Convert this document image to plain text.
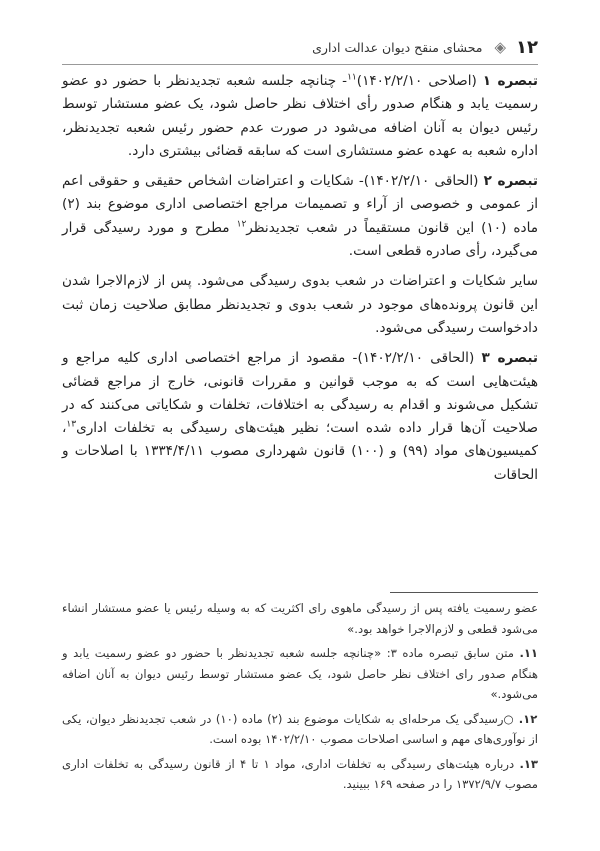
۱۲
◈
محشای منقح دیوان عدالت اداری

تبصره ۱ (اصلاحی ۱۴۰۲/۲/۱۰)$^{۱۱}$- چنانچه جلسه شعبه تجدیدنظر با حضور دو عضو رسمیت یابد و هنگام صدور رأی اختلاف نظر حاصل شود، یک عضو مستشار توسط رئیس دیوان به آنان اضافه می‌شود در صورت عدم حضور رئیس شعبه تجدیدنظر، اداره شعبه به عهده عضو مستشاری است که سابقه قضائی بیشتری دارد.

تبصره ۲ (الحاقی ۱۴۰۲/۲/۱۰)- شکایات و اعتراضات اشخاص حقیقی و حقوقی اعم از عمومی و خصوصی از آراء و تصمیمات مراجع اختصاصی اداری موضوع بند (۲) ماده (۱۰) این قانون مستقیماً در شعب تجدیدنظر$^{۱۲}$ مطرح و مورد رسیدگی قرار می‌گیرد، رأی صادره قطعی است.

سایر شکایات و اعتراضات در شعب بدوی رسیدگی می‌شود. پس از لازم‌الاجرا شدن این قانون پرونده‌های موجود در شعب بدوی و تجدیدنظر مطابق صلاحیت زمان ثبت دادخواست رسیدگی می‌شود.

تبصره ۳ (الحاقی ۱۴۰۲/۲/۱۰)- مقصود از مراجع اختصاصی اداری کلیه مراجع و هیئت‌هایی است که به موجب قوانین و مقررات قانونی، خارج از مراجع قضائی تشکیل می‌شوند و اقدام به رسیدگی به اختلافات، تخلفات و شکایاتی می‌کنند که در صلاحیت آن‌ها قرار داده شده است؛ نظیر هیئت‌های رسیدگی به تخلفات اداری$^{۱۳}$، کمیسیون‌های مواد (۹۹) و (۱۰۰) قانون شهرداری مصوب ۱۳۳۴/۴/۱۱ با اصلاحات و الحاقات

عضو رسمیت یافته پس از رسیدگی ماهوی رای اکثریت که به وسیله رئیس یا عضو مستشار انشاء می‌شود قطعی و لازم‌الاجرا خواهد بود.»

۱۱. متن سابق تبصره ماده ۳: «چنانچه جلسه شعبه تجدیدنظر با حضور دو عضو رسمیت یابد و هنگام صدور رای اختلاف نظر حاصل شود، یک عضو مستشار توسط رئیس دیوان به آنان اضافه می‌شود.»

۱۲. ○رسیدگی یک مرحله‌ای به شکایات موضوع بند (۲) ماده (۱۰) در شعب تجدیدنظر دیوان، یکی از نوآوری‌های مهم و اساسی اصلاحات مصوب ۱۴۰۲/۲/۱۰ بوده است.

۱۳. درباره هیئت‌های رسیدگی به تخلفات اداری، مواد ۱ تا ۴ از قانون رسیدگی به تخلفات اداری مصوب ۱۳۷۲/۹/۷ را در صفحه ۱۶۹ ببینید.
